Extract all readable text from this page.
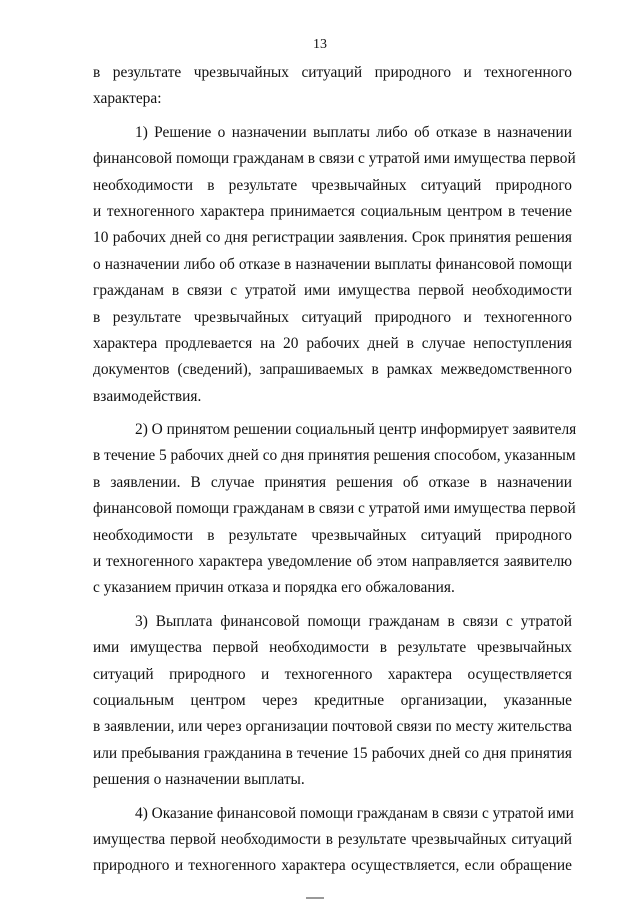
13
в результате чрезвычайных ситуаций природного и техногенного
характера:
1) Решение о назначении выплаты либо об отказе в назначении
финансовой помощи гражданам в связи с утратой ими имущества первой
необходимости в результате чрезвычайных ситуаций природного
и техногенного характера принимается социальным центром в течение
10 рабочих дней со дня регистрации заявления. Срок принятия решения
о назначении либо об отказе в назначении выплаты финансовой помощи
гражданам в связи с утратой ими имущества первой необходимости
в результате чрезвычайных ситуаций природного и техногенного
характера продлевается на 20 рабочих дней в случае непоступления
документов (сведений), запрашиваемых в рамках межведомственного
взаимодействия.
2) О принятом решении социальный центр информирует заявителя
в течение 5 рабочих дней со дня принятия решения способом, указанным
в заявлении. В случае принятия решения об отказе в назначении
финансовой помощи гражданам в связи с утратой ими имущества первой
необходимости в результате чрезвычайных ситуаций природного
и техногенного характера уведомление об этом направляется заявителю
с указанием причин отказа и порядка его обжалования.
3) Выплата финансовой помощи гражданам в связи с утратой
ими имущества первой необходимости в результате чрезвычайных
ситуаций природного и техногенного характера осуществляется
социальным центром через кредитные организации, указанные
в заявлении, или через организации почтовой связи по месту жительства
или пребывания гражданина в течение 15 рабочих дней со дня принятия
решения о назначении выплаты.
4) Оказание финансовой помощи гражданам в связи с утратой ими
имущества первой необходимости в результате чрезвычайных ситуаций
природного и техногенного характера осуществляется, если обращение
